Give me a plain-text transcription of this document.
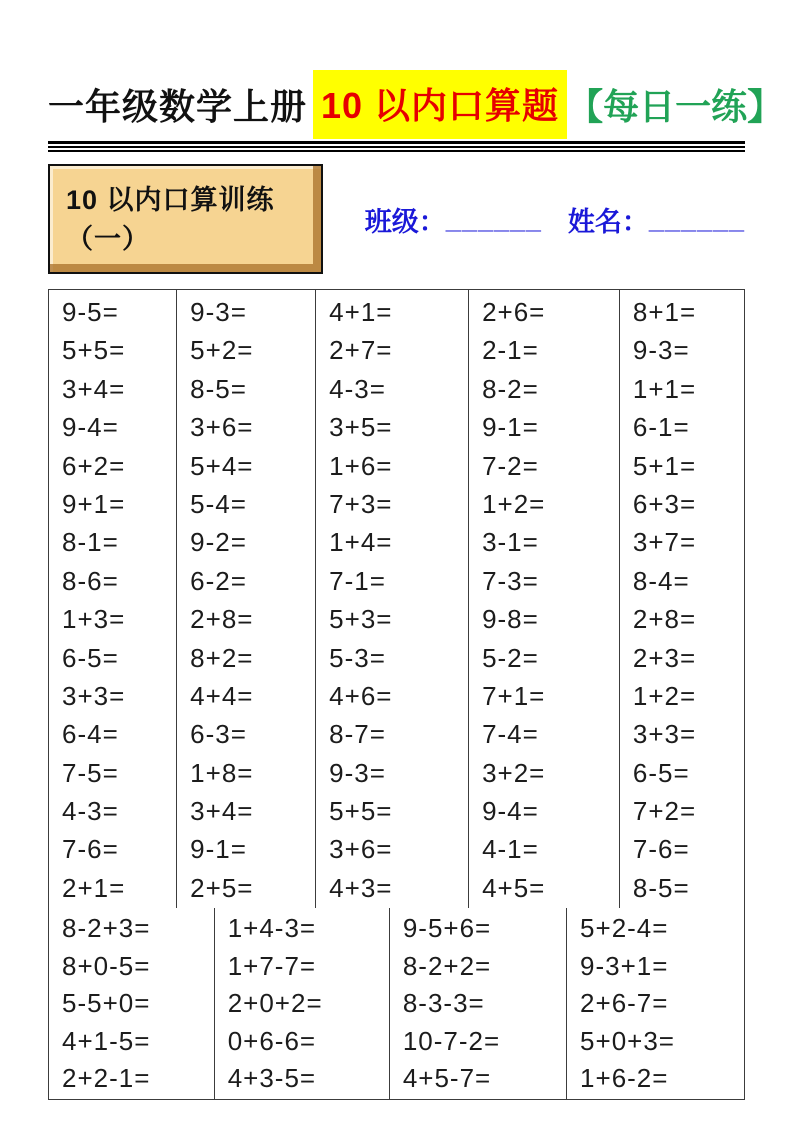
一年级数学上册 10 以内口算题 【每日一练】
10 以内口算训练（一）
班级： ______ 姓名： ______
9-5=
5+5=
3+4=
9-4=
6+2=
9+1=
8-1=
8-6=
1+3=
6-5=
3+3=
6-4=
7-5=
4-3=
7-6=
2+1=
9-3=
5+2=
8-5=
3+6=
5+4=
5-4=
9-2=
6-2=
2+8=
8+2=
4+4=
6-3=
1+8=
3+4=
9-1=
2+5=
4+1=
2+7=
4-3=
3+5=
1+6=
7+3=
1+4=
7-1=
5+3=
5-3=
4+6=
8-7=
9-3=
5+5=
3+6=
4+3=
2+6=
2-1=
8-2=
9-1=
7-2=
1+2=
3-1=
7-3=
9-8=
5-2=
7+1=
7-4=
3+2=
9-4=
4-1=
4+5=
8+1=
9-3=
1+1=
6-1=
5+1=
6+3=
3+7=
8-4=
2+8=
2+3=
1+2=
3+3=
6-5=
7+2=
7-6=
8-5=
8-2+3=
8+0-5=
5-5+0=
4+1-5=
2+2-1=
1+4-3=
1+7-7=
2+0+2=
0+6-6=
4+3-5=
9-5+6=
8-2+2=
8-3-3=
10-7-2=
4+5-7=
5+2-4=
9-3+1=
2+6-7=
5+0+3=
1+6-2=
